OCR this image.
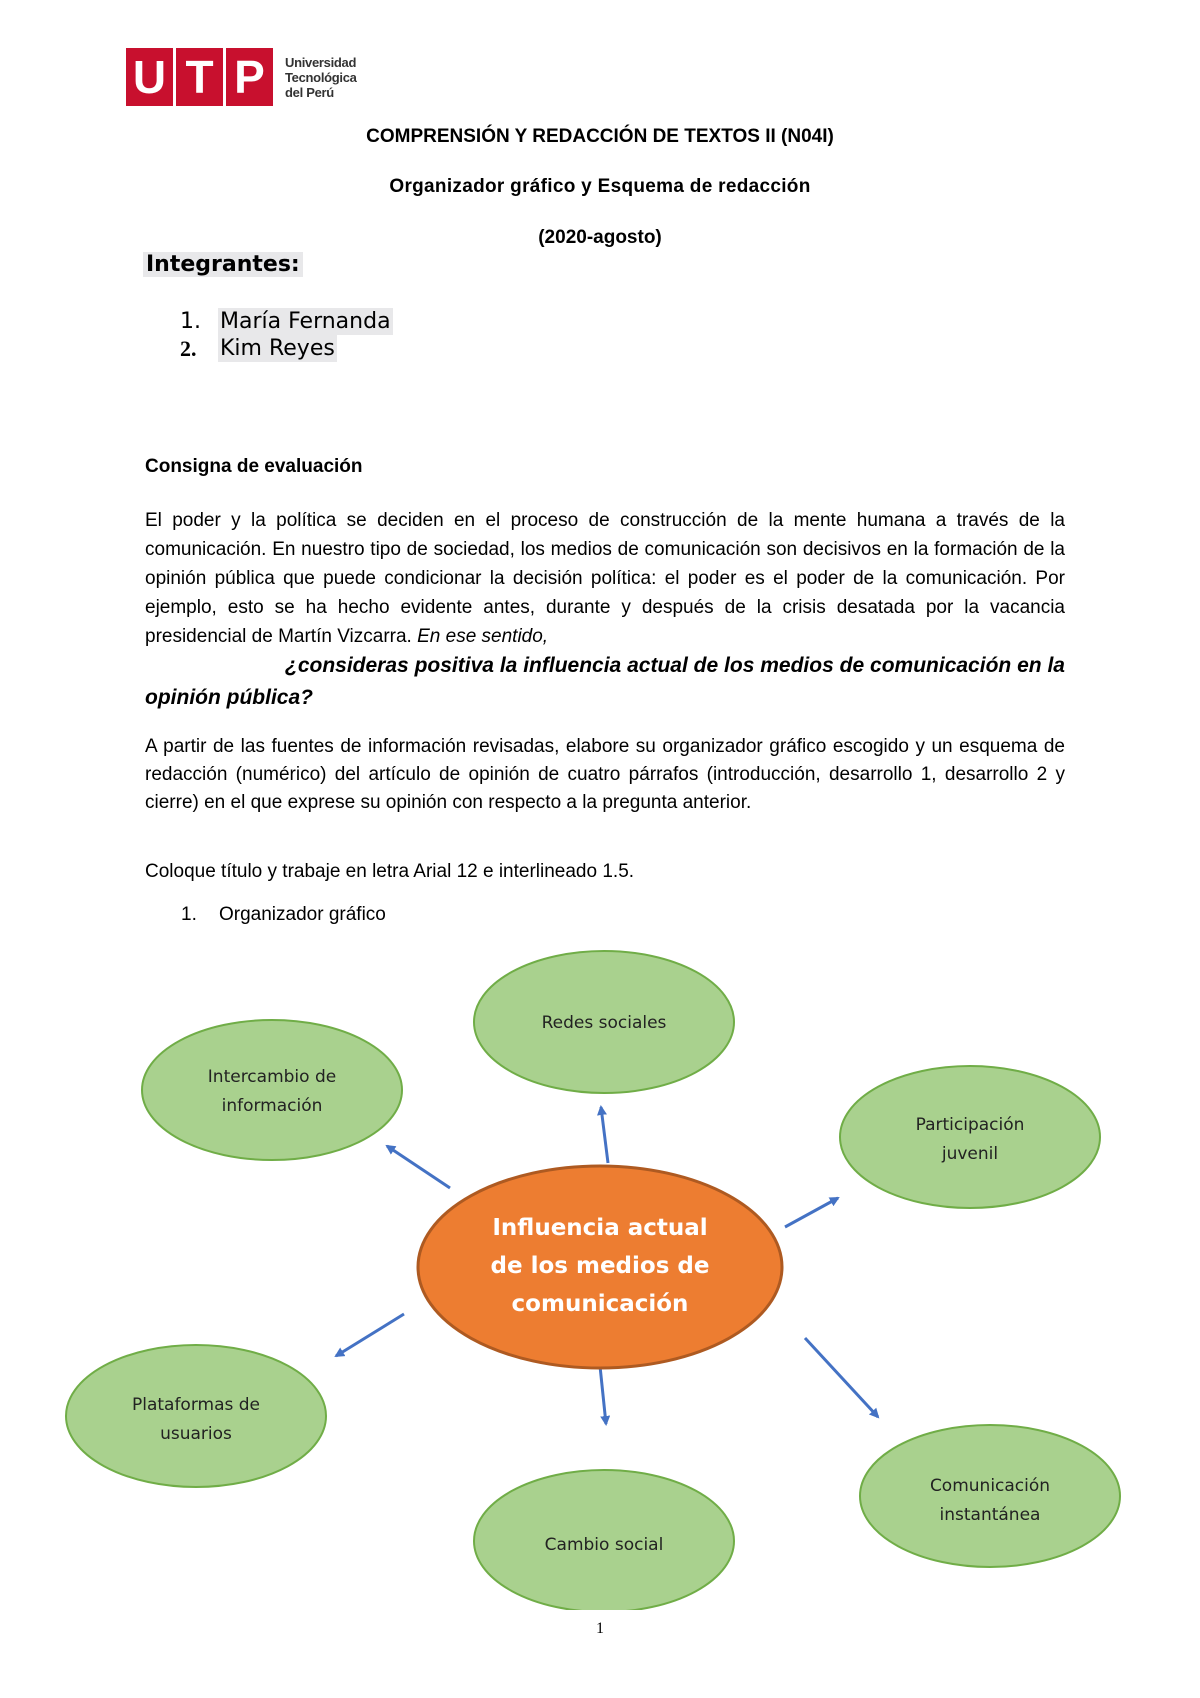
U T P	Universidad
Tecnológica
del Perú
COMPRENSIÓN Y REDACCIÓN DE TEXTOS II (N04I)
Organizador gráfico y Esquema de redacción
(2020-agosto)
Integrantes:
1. María Fernanda
2.	Kim Reyes
Consigna de evaluación
El poder y la política se deciden en el proceso de construcción de la mente humana a través de la comunicación. En nuestro tipo de sociedad, los medios de comunicación son decisivos en la formación de la opinión pública que puede condicionar la decisión política: el poder es el poder de la comunicación. Por ejemplo, esto se ha hecho evidente antes, durante y después de la crisis desatada por la vacancia presidencial de Martín Vizcarra. En ese sentido,
¿consideras positiva la influencia actual de los medios de comunicación en la opinión pública?
A partir de las fuentes de información revisadas, elabore su organizador gráfico escogido y un esquema de redacción (numérico) del artículo de opinión de cuatro párrafos (introducción, desarrollo 1, desarrollo 2 y cierre) en el que exprese su opinión con respecto a la pregunta anterior.
Coloque título y trabaje en letra Arial 12 e interlineado 1.5.
1.	Organizador gráfico
Redes sociales
Intercambio de
información
Participación
juvenil
Plataformas de
usuarios
Cambio social
Comunicación
instantánea
Influencia actual
de los medios de
comunicación
1
